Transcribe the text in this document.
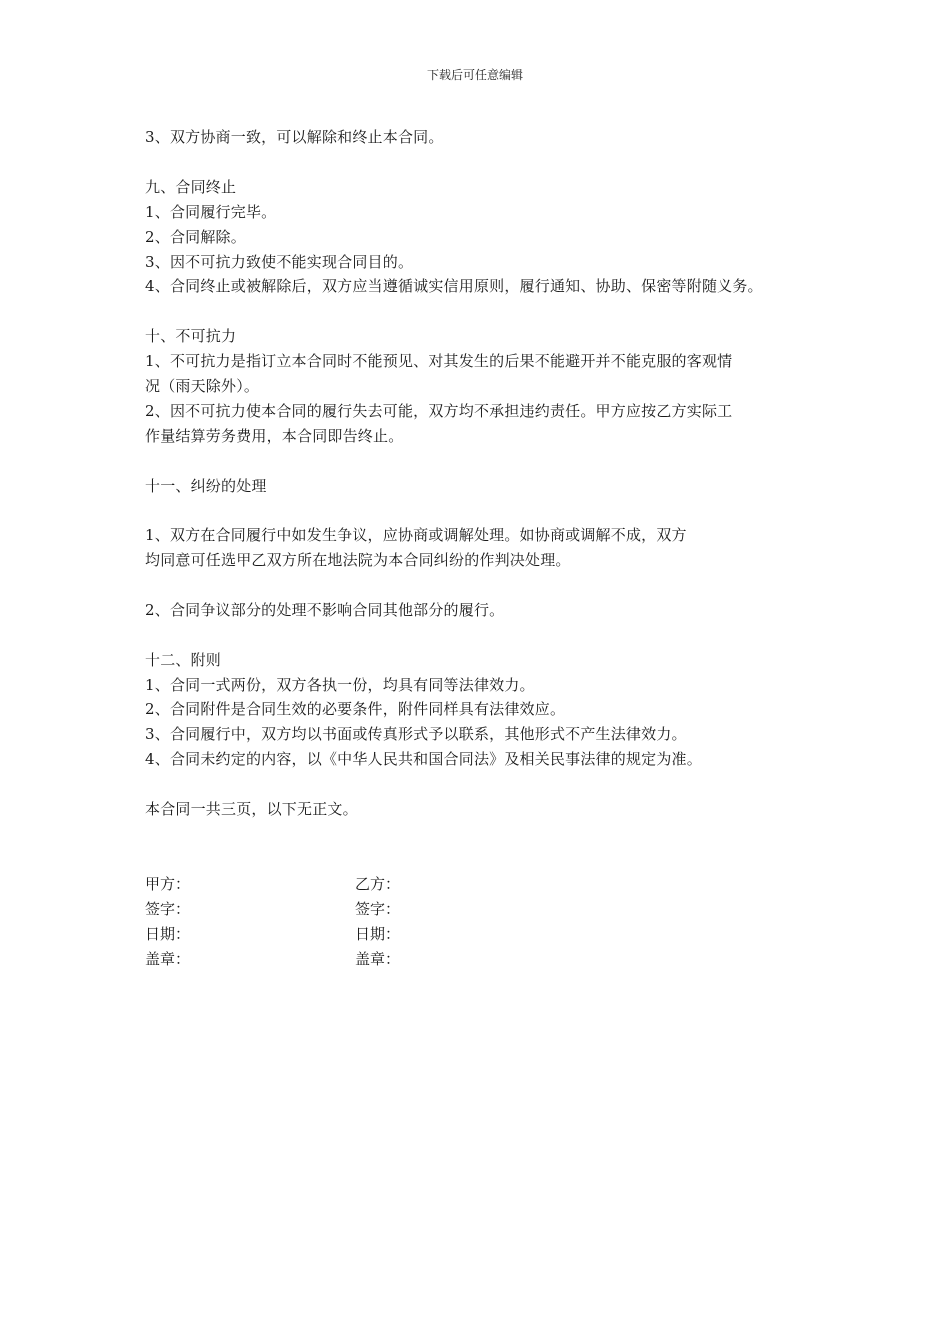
下载后可任意编辑
3、双方协商一致，可以解除和终止本合同。
九、合同终止
1、合同履行完毕。
2、合同解除。
3、因不可抗力致使不能实现合同目的。
4、合同终止或被解除后，双方应当遵循诚实信用原则，履行通知、协助、保密等附随义务。
十、不可抗力
1、不可抗力是指订立本合同时不能预见、对其发生的后果不能避开并不能克服的客观情
况（雨天除外）。
2、因不可抗力使本合同的履行失去可能，双方均不承担违约责任。甲方应按乙方实际工
作量结算劳务费用，本合同即告终止。
十一、纠纷的处理
1、双方在合同履行中如发生争议，应协商或调解处理。如协商或调解不成，双方
均同意可任选甲乙双方所在地法院为本合同纠纷的作判决处理。
2、合同争议部分的处理不影响合同其他部分的履行。
十二、附则
1、合同一式两份，双方各执一份，均具有同等法律效力。
2、合同附件是合同生效的必要条件，附件同样具有法律效应。
3、合同履行中，双方均以书面或传真形式予以联系，其他形式不产生法律效力。
4、合同未约定的内容，以《中华人民共和国合同法》及相关民事法律的规定为准。
本合同一共三页，以下无正文。
甲方：	乙方：
签字：	签字：
日期：	日期：
盖章：	盖章：
